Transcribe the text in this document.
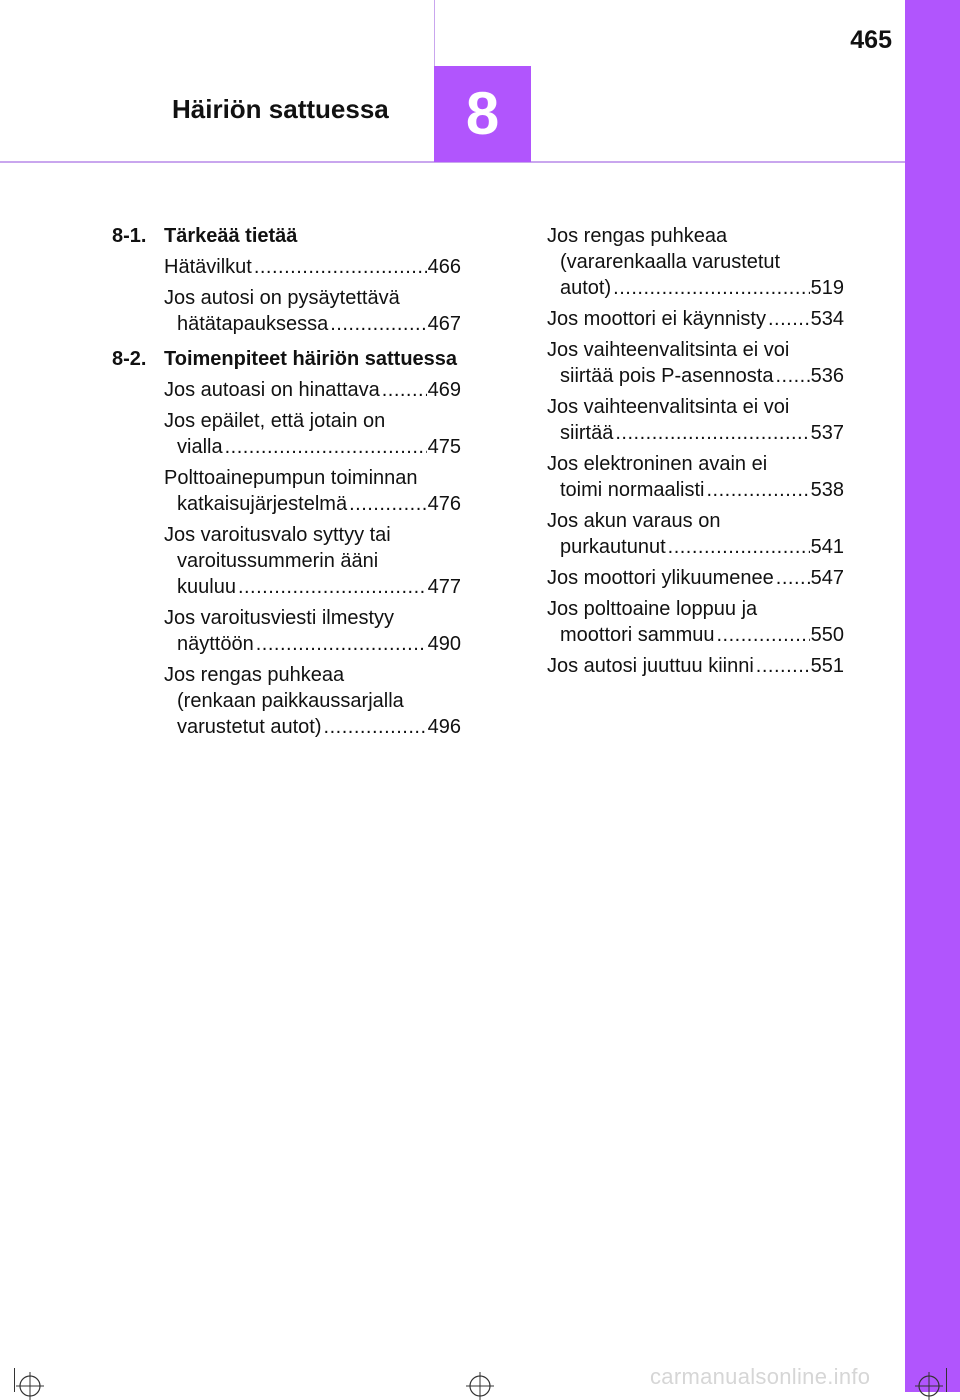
8
465
Häiriön sattuessa
8-1. Tärkeää tietää
Hätävilkut .....	466
Jos autosi on pysäytettävä hätätapauksessa .....	467
8-2. Toimenpiteet häiriön sattuessa
Jos autoasi on hinattava .....	469
Jos epäilet, että jotain on vialla .....	475
Polttoainepumpun toiminnan katkaisujärjestelmä .....	476
Jos varoitusvalo syttyy tai varoitussummerin ääni kuuluu .....	477
Jos varoitusviesti ilmestyy näyttöön .....	490
Jos rengas puhkeaa (renkaan paikkaussarjalla varustetut autot) .....	496
Jos rengas puhkeaa (vararenkaalla varustetut autot) .....	519
Jos moottori ei käynnisty .....	534
Jos vaihteenvalitsinta ei voi siirtää pois P-asennosta .....	536
Jos vaihteenvalitsinta ei voi siirtää .....	537
Jos elektroninen avain ei toimi normaalisti .....	538
Jos akun varaus on purkautunut .....	541
Jos moottori ylikuumenee .....	547
Jos polttoaine loppuu ja moottori sammuu .....	550
Jos autosi juuttuu kiinni .....	551
carmanualsonline.info
